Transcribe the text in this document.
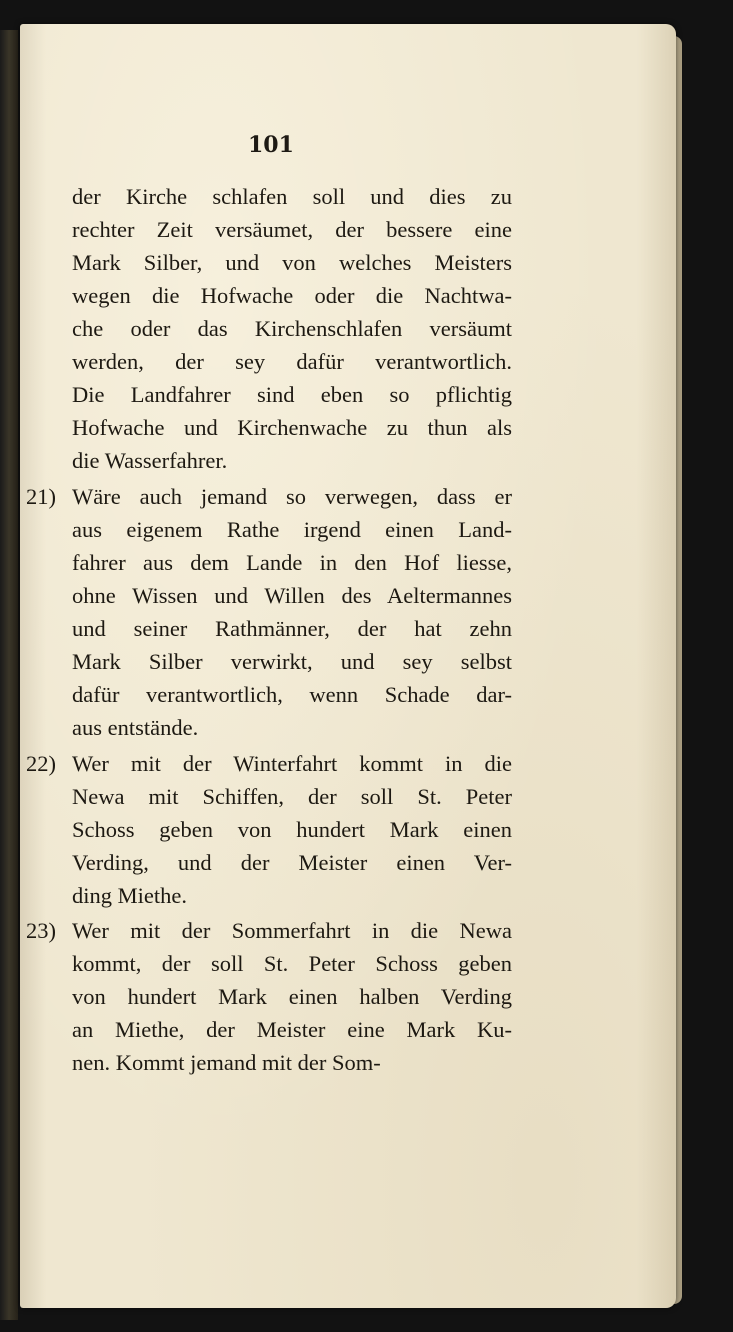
101
der Kirche schlafen soll und dies zu
rechter Zeit versäumet, der bessere eine
Mark Silber, und von welches Meisters
wegen die Hofwache oder die Nachtwa-
che oder das Kirchenschlafen versäumt
werden, der sey dafür verantwortlich.
Die Landfahrer sind eben so pflichtig
Hofwache und Kirchenwache zu thun als
die Wasserfahrer.
21) Wäre auch jemand so verwegen, dass er
aus eigenem Rathe irgend einen Land-
fahrer aus dem Lande in den Hof liesse,
ohne Wissen und Willen des Aeltermannes
und seiner Rathmänner, der hat zehn
Mark Silber verwirkt, und sey selbst
dafür verantwortlich, wenn Schade dar-
aus entstände.
22) Wer mit der Winterfahrt kommt in die
Newa mit Schiffen, der soll St. Peter
Schoss geben von hundert Mark einen
Verding, und der Meister einen Ver-
ding Miethe.
23) Wer mit der Sommerfahrt in die Newa
kommt, der soll St. Peter Schoss geben
von hundert Mark einen halben Verding
an Miethe, der Meister eine Mark Ku-
nen. Kommt jemand mit der Som-
